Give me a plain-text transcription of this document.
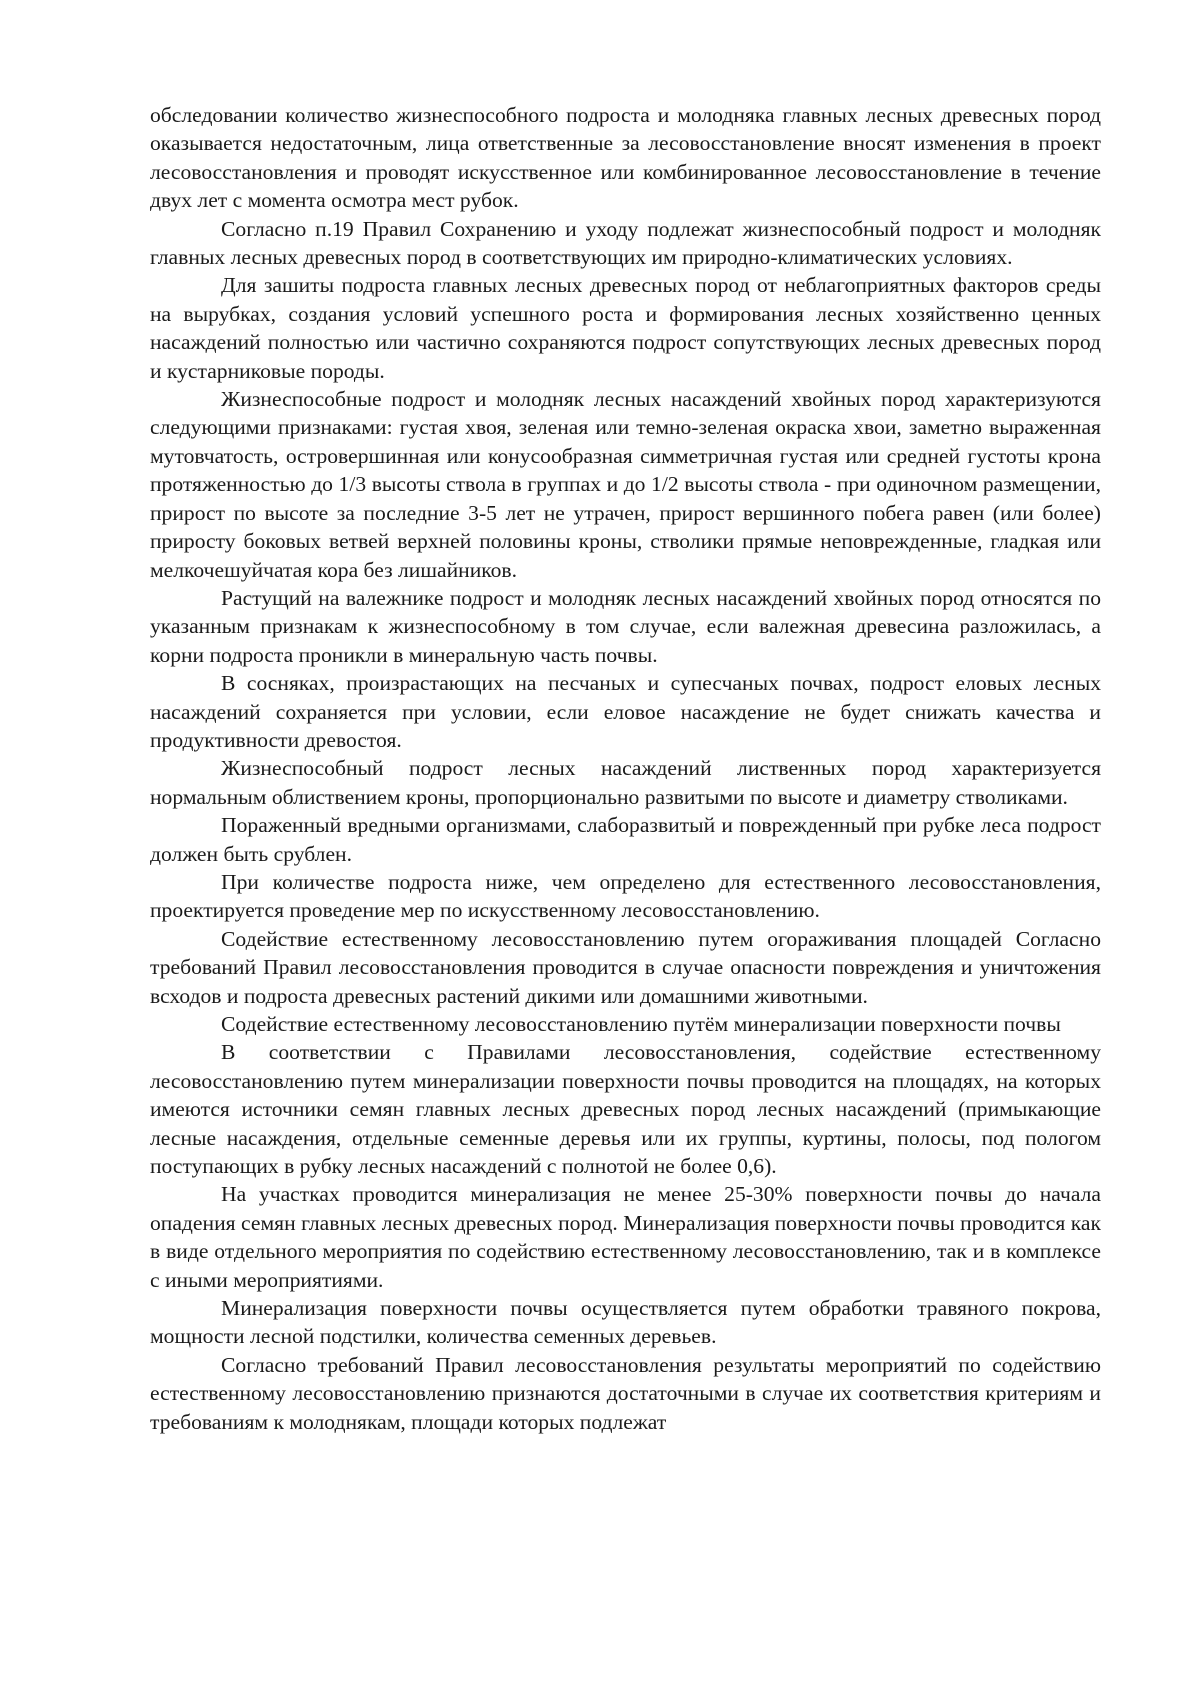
обследовании количество жизнеспособного подроста и молодняка главных лесных древесных пород оказывается недостаточным, лица ответственные за лесовосстановление вносят изменения в проект лесовосстановления и проводят искусственное или комбинированное лесовосстановление в течение двух лет с момента осмотра мест рубок.

Согласно п.19 Правил Сохранению и уходу подлежат жизнеспособный подрост и молодняк главных лесных древесных пород в соответствующих им природно-климатических условиях.

Для зашиты подроста главных лесных древесных пород от неблагоприятных факторов среды на вырубках, создания условий успешного роста и формирования лесных хозяйственно ценных насаждений полностью или частично сохраняются подрост сопутствующих лесных древесных пород и кустарниковые породы.

Жизнеспособные подрост и молодняк лесных насаждений хвойных пород характеризуются следующими признаками: густая хвоя, зеленая или темно-зеленая окраска хвои, заметно выраженная мутовчатость, островершинная или конусообразная симметричная густая или средней густоты крона протяженностью до 1/3 высоты ствола в группах и до 1/2 высоты ствола - при одиночном размещении, прирост по высоте за последние 3-5 лет не утрачен, прирост вершинного побега равен (или более) приросту боковых ветвей верхней половины кроны, стволики прямые неповрежденные, гладкая или мелкочешуйчатая кора без лишайников.

Растущий на валежнике подрост и молодняк лесных насаждений хвойных пород относятся по указанным признакам к жизнеспособному в том случае, если валежная древесина разложилась, а корни подроста проникли в минеральную часть почвы.

В сосняках, произрастающих на песчаных и супесчаных почвах, подрост еловых лесных насаждений сохраняется при условии, если еловое насаждение не будет снижать качества и продуктивности древостоя.

Жизнеспособный подрост лесных насаждений лиственных пород характеризуется нормальным облиствением кроны, пропорционально развитыми по высоте и диаметру стволиками.

Пораженный вредными организмами, слаборазвитый и поврежденный при рубке леса подрост должен быть срублен.

При количестве подроста ниже, чем определено для естественного лесовосстановления, проектируется проведение мер по искусственному лесовосстановлению.

Содействие естественному лесовосстановлению путем огораживания площадей Согласно требований Правил лесовосстановления проводится в случае опасности повреждения и уничтожения всходов и подроста древесных растений дикими или домашними животными.

Содействие естественному лесовосстановлению путём минерализации поверхности почвы

В соответствии с Правилами лесовосстановления, содействие естественному лесовосстановлению путем минерализации поверхности почвы проводится на площадях, на которых имеются источники семян главных лесных древесных пород лесных насаждений (примыкающие лесные насаждения, отдельные семенные деревья или их группы, куртины, полосы, под пологом поступающих в рубку лесных насаждений с полнотой не более 0,6).

На участках проводится минерализация не менее 25-30% поверхности почвы до начала опадения семян главных лесных древесных пород. Минерализация поверхности почвы проводится как в виде отдельного мероприятия по содействию естественному лесовосстановлению, так и в комплексе с иными мероприятиями.

Минерализация поверхности почвы осуществляется путем обработки травяного покрова, мощности лесной подстилки, количества семенных деревьев.

Согласно требований Правил лесовосстановления результаты мероприятий по содействию естественному лесовосстановлению признаются достаточными в случае их соответствия критериям и требованиям к молоднякам, площади которых подлежат
